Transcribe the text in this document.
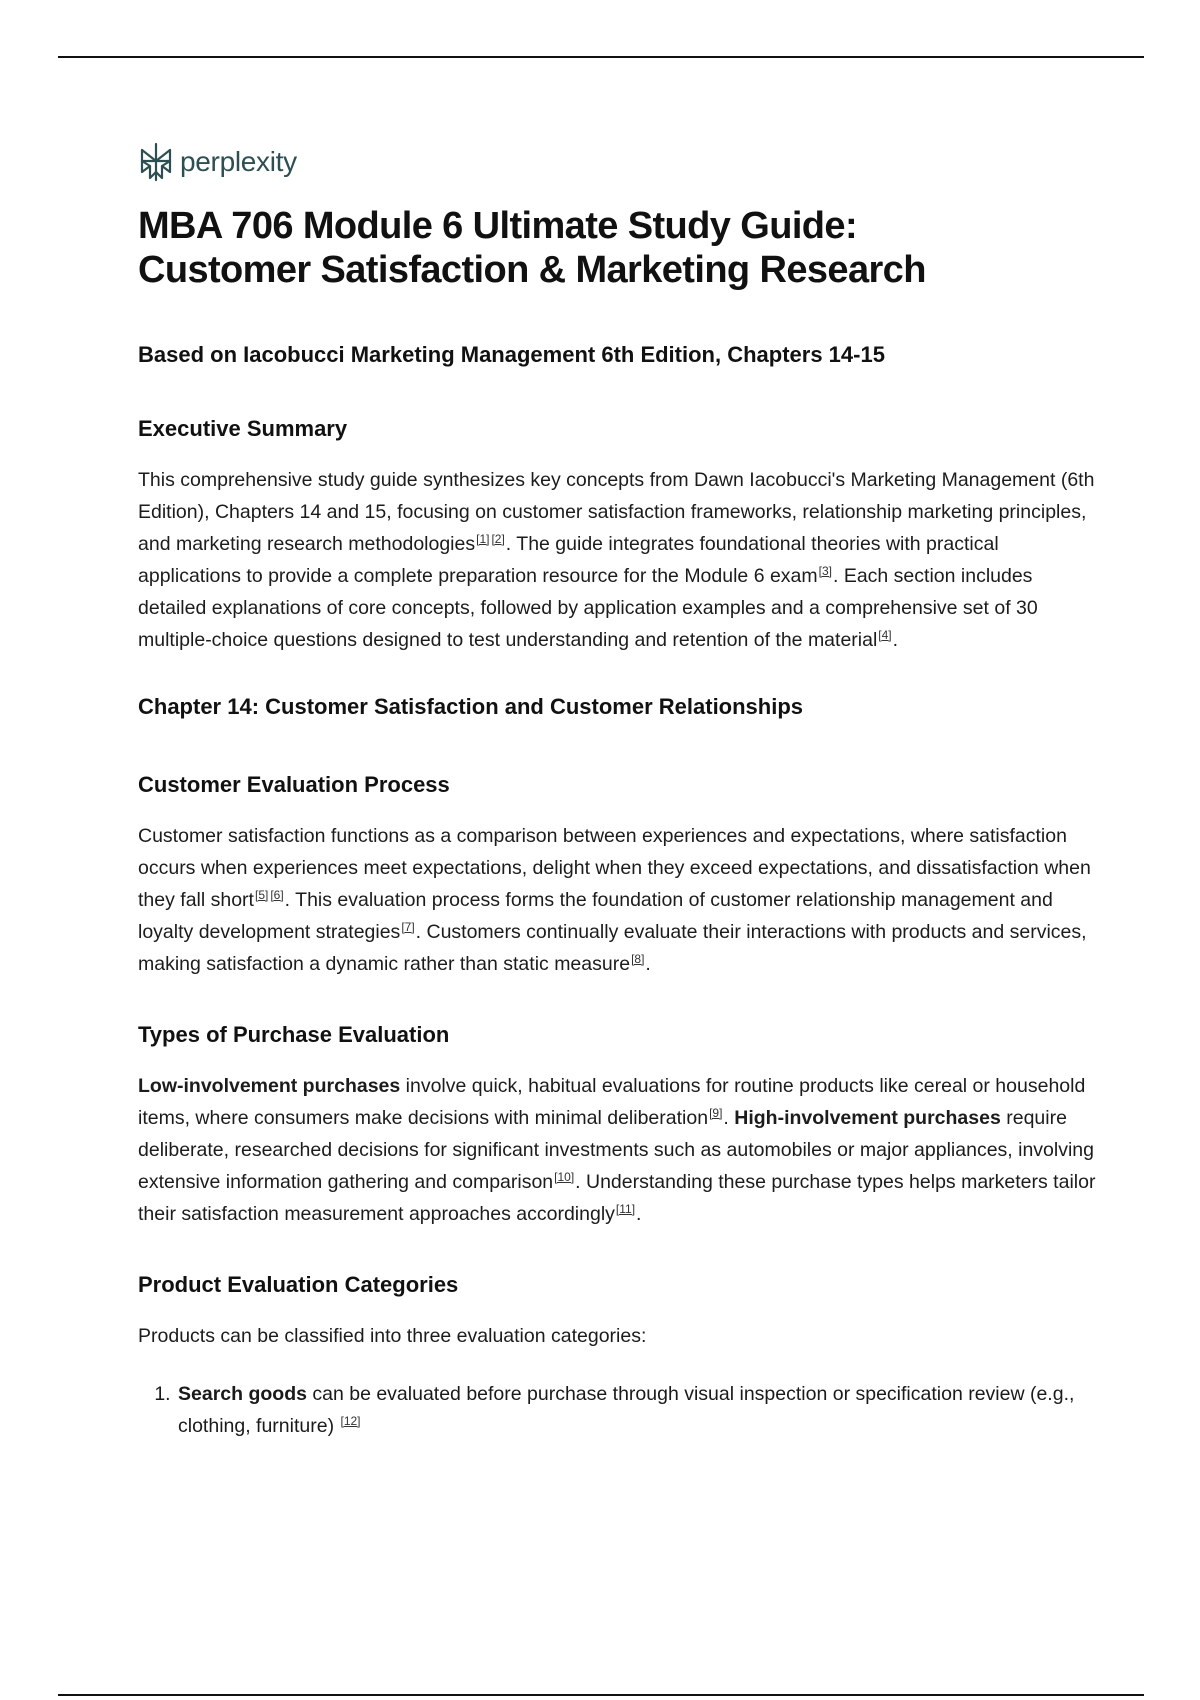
perplexity
MBA 706 Module 6 Ultimate Study Guide:
Customer Satisfaction & Marketing Research
Based on Iacobucci Marketing Management 6th Edition, Chapters 14-15
Executive Summary

This comprehensive study guide synthesizes key concepts from Dawn Iacobucci's Marketing Management (6th Edition), Chapters 14 and 15, focusing on customer satisfaction frameworks, relationship marketing principles, and marketing research methodologies[1] [2]. The guide integrates foundational theories with practical applications to provide a complete preparation resource for the Module 6 exam[3]. Each section includes detailed explanations of core concepts, followed by application examples and a comprehensive set of 30 multiple-choice questions designed to test understanding and retention of the material[4].

Chapter 14: Customer Satisfaction and Customer Relationships
Customer Evaluation Process

Customer satisfaction functions as a comparison between experiences and expectations, where satisfaction occurs when experiences meet expectations, delight when they exceed expectations, and dissatisfaction when they fall short[5] [6]. This evaluation process forms the foundation of customer relationship management and loyalty development strategies[7]. Customers continually evaluate their interactions with products and services, making satisfaction a dynamic rather than static measure[8].

Types of Purchase Evaluation

Low-involvement purchases involve quick, habitual evaluations for routine products like cereal or household items, where consumers make decisions with minimal deliberation[9]. High-involvement purchases require deliberate, researched decisions for significant investments such as automobiles or major appliances, involving extensive information gathering and comparison[10]. Understanding these purchase types helps marketers tailor their satisfaction measurement approaches accordingly[11].

Product Evaluation Categories

Products can be classified into three evaluation categories:

1. Search goods can be evaluated before purchase through visual inspection or specification review (e.g., clothing, furniture) [12]
